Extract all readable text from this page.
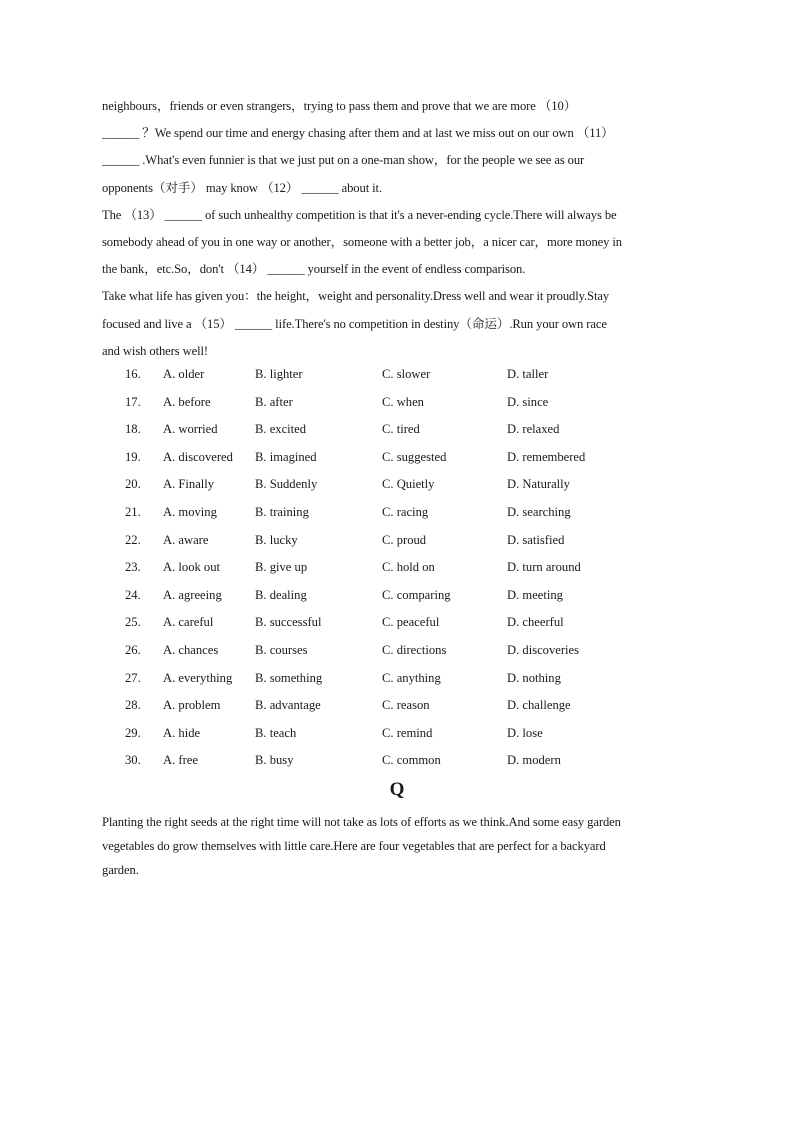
neighbours，friends or even strangers，trying to pass them and prove that we are more （10）
______ ？We spend our time and energy chasing after them and at last we miss out on our own （11）
______ .What's even funnier is that we just put on a one-man show，for the people we see as our
opponents（对手） may know （12） ______ about it.
The （13） ______ of such unhealthy competition is that it's a never-ending cycle.There will always be
somebody ahead of you in one way or another，someone with a better job，a nicer car，more money in
the bank，etc.So，don't （14） ______ yourself in the event of endless comparison.
Take what life has given you：the height，weight and personality.Dress well and wear it proudly.Stay
focused and live a （15） ______ life.There's no competition in destiny（命运）.Run your own race
and wish others well!
16. A. older	B. lighter	C. slower	D. taller
17. A. before	B. after	C. when	D. since
18. A. worried	B. excited	C. tired	D. relaxed
19. A. discovered B. imagined	C. suggested	D. remembered
20. A. Finally	B. Suddenly	C. Quietly	D. Naturally
21. A. moving	B. training	C. racing	D. searching
22. A. aware	B. lucky	C. proud	D. satisfied
23. A. look out	B. give up	C. hold on	D. turn around
24. A. agreeing	B. dealing	C. comparing	D. meeting
25. A. careful	B. successful	C. peaceful	D. cheerful
26. A. chances	B. courses	C. directions	D. discoveries
27. A. everything B. something	C. anything	D. nothing
28. A. problem	B. advantage	C. reason	D. challenge
29. A. hide	B. teach	C. remind	D. lose
30. A. free	B. busy	C. common	D. modern
Q
Planting the right seeds at the right time will not take as lots of efforts as we think.And some easy garden
vegetables do grow themselves with little care.Here are four vegetables that are perfect for a backyard
garden.
